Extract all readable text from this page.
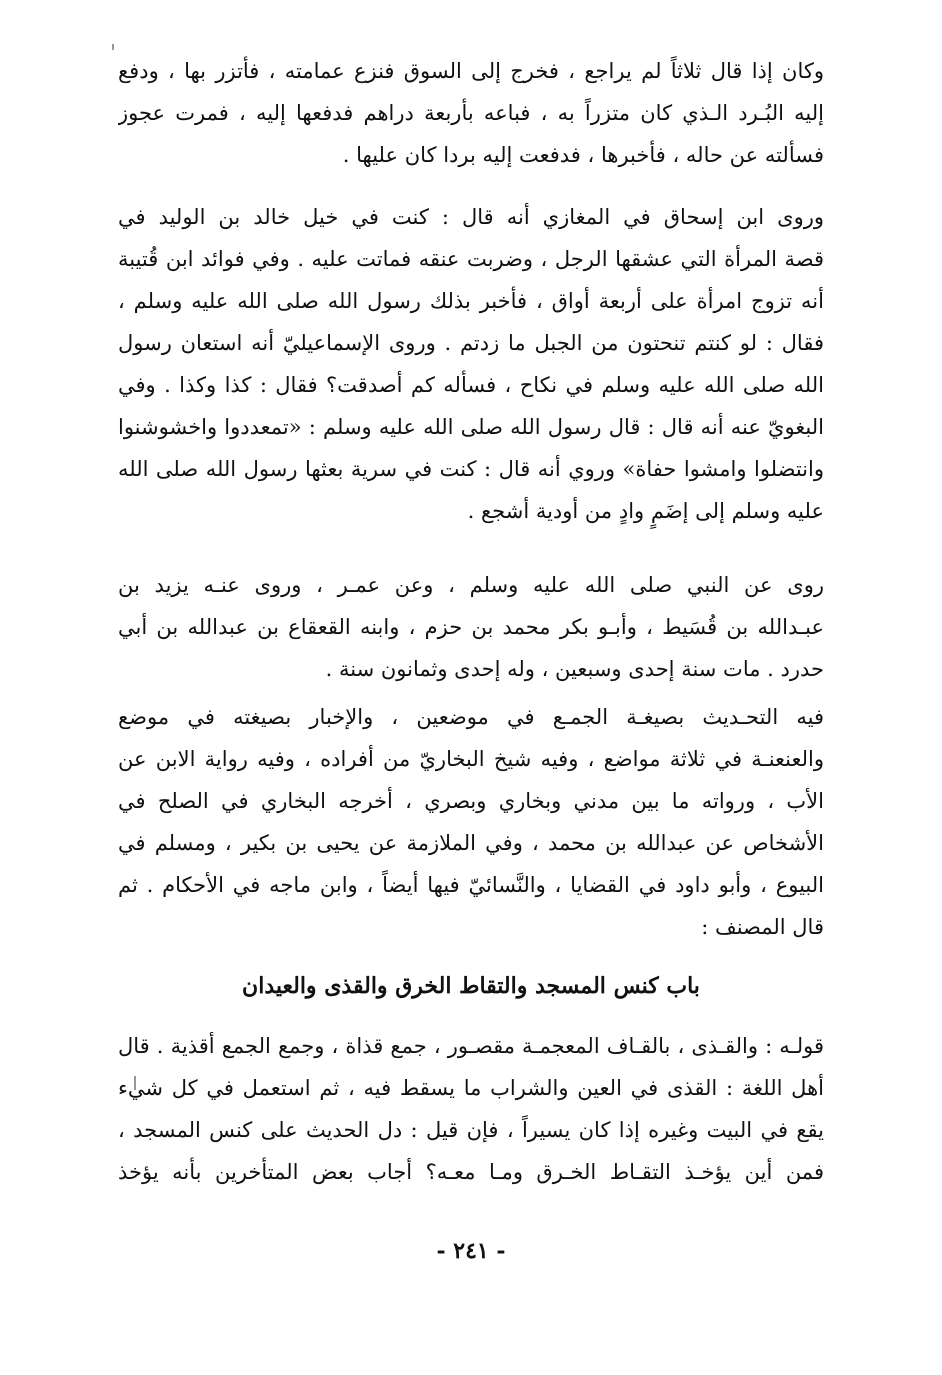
وكان إذا قال ثلاثاً لم يراجع ، فخرج إلى السوق فنزع عمامته ، فأتزر بها ، ودفع
إليه البُـرد الـذي كان متزراً به ، فباعه بأربعة دراهم فدفعها إليه ، فمرت عجوز
فسألته عن حاله ، فأخبرها ، فدفعت إليه بردا كان عليها .
وروى ابن إسحاق في المغازي أنه قال : كنت في خيل خالد بن الوليد في
قصة المرأة التي عشقها الرجل ، وضربت عنقه فماتت عليه . وفي فوائد ابن قُتيبة
أنه تزوج امرأة على أربعة أواق ، فأخبر بذلك رسول الله صلى الله عليه وسلم ،
فقال : لو كنتم تنحتون من الجبل ما زدتم . وروى الإسماعيليّ أنه استعان رسول
الله صلى الله عليه وسلم في نكاح ، فسأله كم أصدقت؟ فقال : كذا وكذا . وفي
البغويّ عنه أنه قال : قال رسول الله صلى الله عليه وسلم : «تمعددوا واخشوشنوا
وانتضلوا وامشوا حفاة» وروي أنه قال : كنت في سرية بعثها رسول الله صلى الله
عليه وسلم إلى إضَمٍ وادٍ من أودية أشجع .
روى عن النبي صلى الله عليه وسلم ، وعن عمـر ، وروى عنـه يزيد بن
عبـدالله بن قُسَيط ، وأبـو بكر محمد بن حزم ، وابنه القعقاع بن عبدالله بن أبي
حدرد . مات سنة إحدى وسبعين ، وله إحدى وثمانون سنة .
فيه التحـديث بصيغـة الجمـع في موضعين ، والإخبار بصيغته في موضع
والعنعنـة في ثلاثة مواضع ، وفيه شيخ البخاريّ من أفراده ، وفيه رواية الابن عن
الأب ، ورواته ما بين مدني وبخاري وبصري ، أخرجه البخاري في الصلح في
الأشخاص عن عبدالله بن محمد ، وفي الملازمة عن يحيى بن بكير ، ومسلم في
البيوع ، وأبو داود في القضايا ، والنَّسائيّ فيها أيضاً ، وابن ماجه في الأحكام . ثم
قال المصنف :
باب كنس المسجد والتقاط الخرق والقذى والعيدان
قولـه : والقـذى ، بالقـاف المعجمـة مقصـور ، جمع قذاة ، وجمع الجمع أقذية . قال
أهل اللغة : القذى في العين والشراب ما يسقط فيه ، ثم استعمل في كل شيء
يقع في البيت وغيره إذا كان يسيراً ، فإن قيل : دل الحديث على كنس المسجد ،
فمن أين يؤخـذ التقـاط الخـرق ومـا معـه؟ أجاب بعض المتأخرين بأنه يؤخذ
- ٢٤١ -
